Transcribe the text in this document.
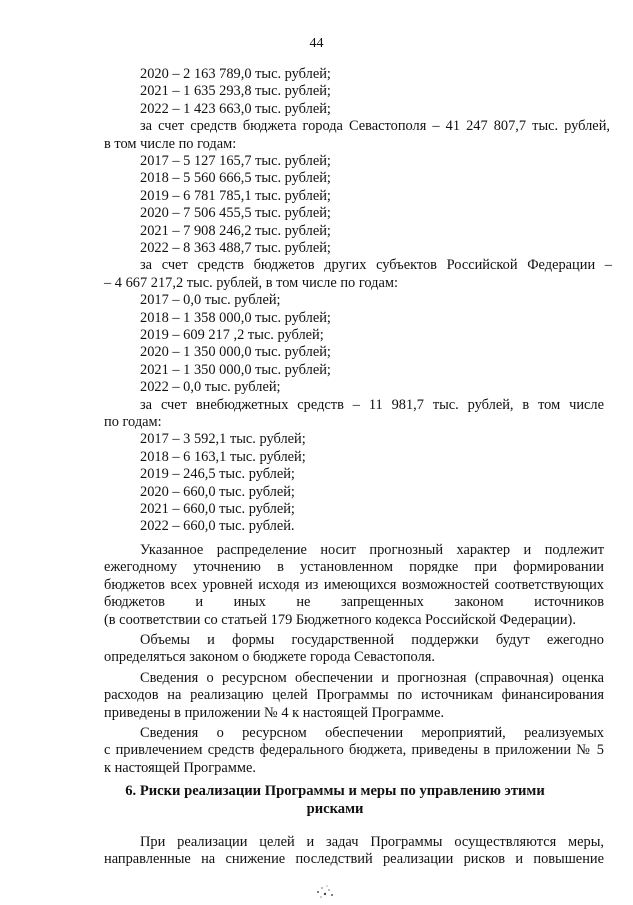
44
2020 – 2 163 789,0 тыс. рублей;
2021 – 1 635 293,8 тыс. рублей;
2022 – 1 423 663,0 тыс. рублей;
за счет средств бюджета города Севастополя – 41 247 807,7 тыс. рублей,
в том числе по годам:
2017 – 5 127 165,7 тыс. рублей;
2018 – 5 560 666,5 тыс. рублей;
2019 – 6 781 785,1 тыс. рублей;
2020 – 7 506 455,5 тыс. рублей;
2021 – 7 908 246,2 тыс. рублей;
2022 – 8 363 488,7 тыс. рублей;
за счет средств бюджетов других субъектов Российской Федерации –
– 4 667 217,2 тыс. рублей, в том числе по годам:
2017 – 0,0 тыс. рублей;
2018 – 1 358 000,0 тыс. рублей;
2019 – 609 217 ,2 тыс. рублей;
2020 – 1 350 000,0 тыс. рублей;
2021 – 1 350 000,0 тыс. рублей;
2022 – 0,0 тыс. рублей;
за счет внебюджетных средств – 11 981,7 тыс. рублей, в том числе
по годам:
2017 – 3 592,1 тыс. рублей;
2018 – 6 163,1 тыс. рублей;
2019 – 246,5 тыс. рублей;
2020 – 660,0 тыс. рублей;
2021 – 660,0 тыс. рублей;
2022 – 660,0 тыс. рублей.
Указанное распределение носит прогнозный характер и подлежит
ежегодному уточнению в установленном порядке при формировании
бюджетов всех уровней исходя из имеющихся возможностей соответствующих
бюджетов и иных не запрещенных законом источников
(в соответствии со статьей 179 Бюджетного кодекса Российской Федерации).
Объемы и формы государственной поддержки будут ежегодно
определяться законом о бюджете города Севастополя.
Сведения о ресурсном обеспечении и прогнозная (справочная) оценка
расходов на реализацию целей Программы по источникам финансирования
приведены в приложении № 4 к настоящей Программе.
Сведения о ресурсном обеспечении мероприятий, реализуемых
с привлечением средств федерального бюджета, приведены в приложении № 5
к настоящей Программе.
6. Риски реализации Программы и меры по управлению этими
рисками
При реализации целей и задач Программы осуществляются меры,
направленные на снижение последствий реализации рисков и повышение
